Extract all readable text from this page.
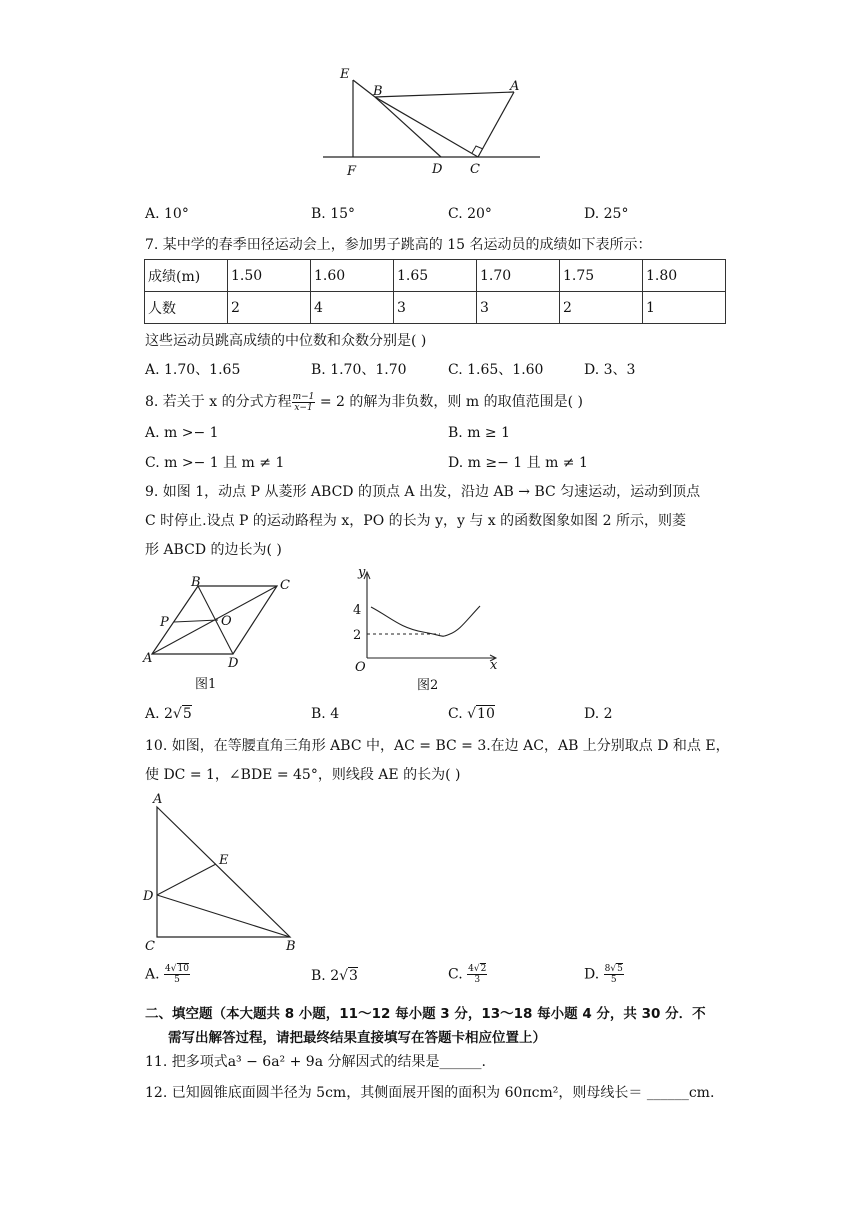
E
B	A
F	D C
A. 10°	B. 15°	C. 20°	D. 25°
7. 某中学的春季田径运动会上，参加男子跳高的 15 名运动员的成绩如下表所示：
成绩(m)	1.50	1.60	1.65	1.70	1.75	1.80
人数	2	4	3	3	2	1
这些运动员跳高成绩的中位数和众数分别是( )
A. 1.70、1.65	B. 1.70、1.70	C. 1.65、1.60	D. 3、3
8. 若关于 x 的分式方程 $\frac{m-1}{x-1} = 2$ 的解为非负数，则 m 的取值范围是( )
A. m >− 1	B. m ≥ 1
C. m >− 1 且 m ≠ 1	D. m ≥− 1 且 m ≠ 1
9. 如图 1，动点 P 从菱形 ABCD 的顶点 A 出发，沿边 AB → BC 匀速运动，运动到顶点
C 时停止.设点 P 的运动路程为 x，PO 的长为 y，y 与 x 的函数图象如图 2 所示，则菱
形 ABCD 的边长为( )
B	C
P	O
A	D
图1
y
x
O
4
2
图2
A. 2√5	B. 4	C. √10	D. 2
10. 如图，在等腰直角三角形 ABC 中，AC = BC = 3.在边 AC，AB 上分别取点 D 和点 E，
使 DC = 1，∠BDE = 45°，则线段 AE 的长为( )
A
E
D
C	B
A. $\frac{4√10}{5}$	B. 2√3	C. $\frac{4√2}{3}$	D. $\frac{8√5}{5}$
二、填空题（本大题共 8 小题，11～12 每小题 3 分，13～18 每小题 4 分，共 30 分．不
需写出解答过程，请把最终结果直接填写在答题卡相应位置上）
11. 把多项式a³ − 6a² + 9a 分解因式的结果是______.
12. 已知圆锥底面圆半径为 5cm，其侧面展开图的面积为 60πcm²，则母线长＝ ______cm.
